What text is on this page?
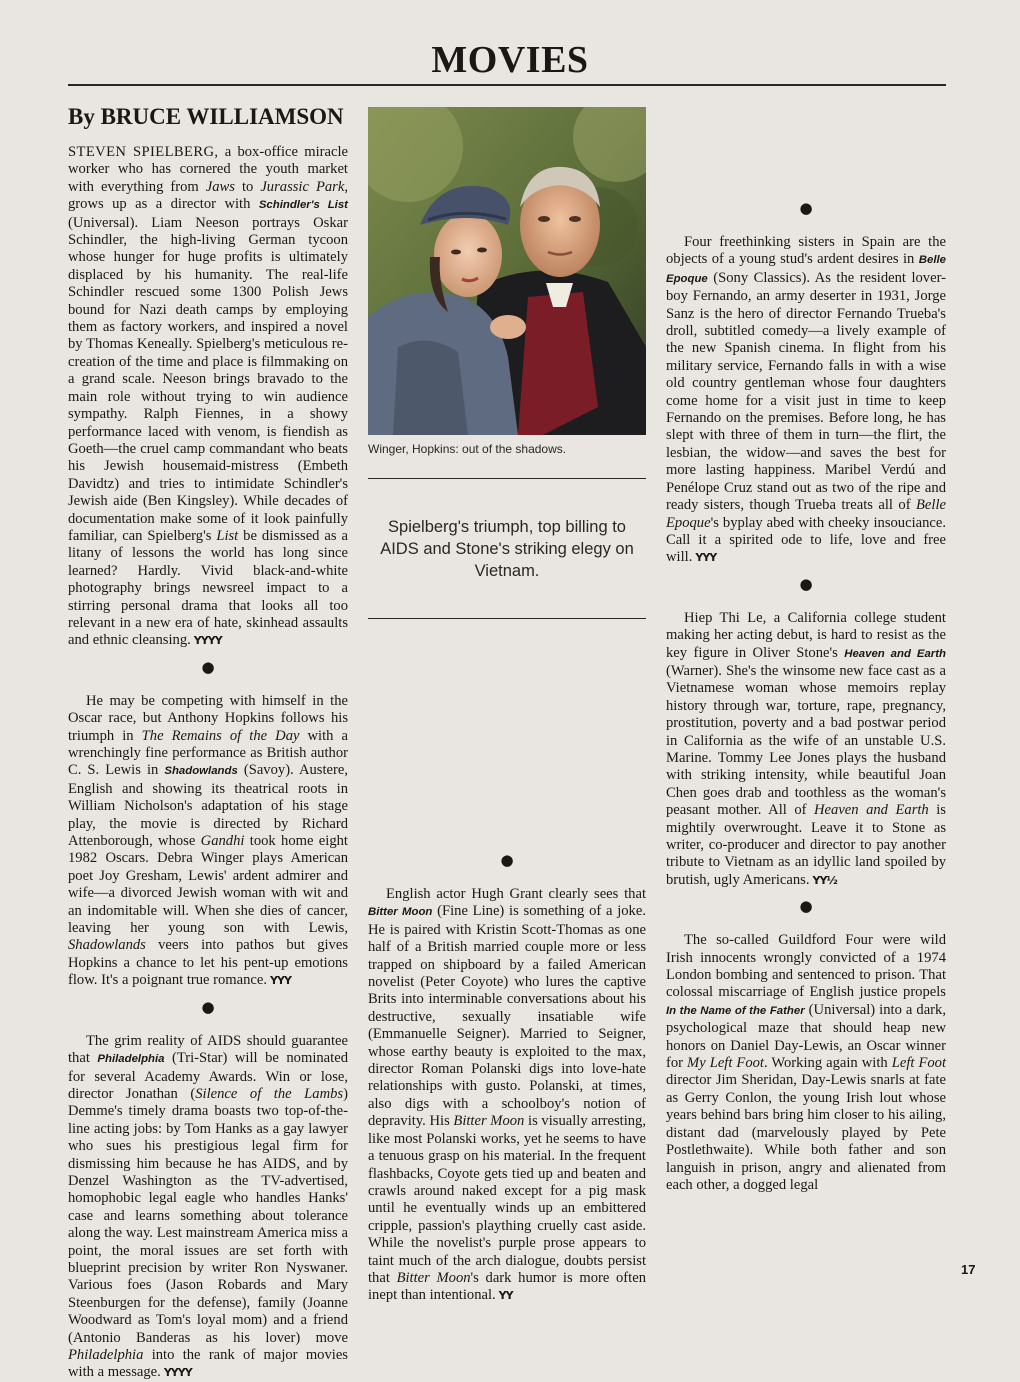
MOVIES
By BRUCE WILLIAMSON

STEVEN SPIELBERG, a box-office miracle worker who has cornered the youth market with everything from Jaws to Jurassic Park, grows up as a director with Schindler's List (Universal). Liam Neeson portrays Oskar Schindler, the high-living German tycoon whose hunger for huge profits is ultimately displaced by his humanity. The real-life Schindler rescued some 1300 Polish Jews bound for Nazi death camps by employing them as factory workers, and inspired a novel by Thomas Keneally. Spielberg's meticulous re-creation of the time and place is filmmaking on a grand scale. Neeson brings bravado to the main role without trying to win audience sympathy. Ralph Fiennes, in a showy performance laced with venom, is fiendish as Goeth—the cruel camp commandant who beats his Jewish housemaid-mistress (Embeth Davidtz) and tries to intimidate Schindler's Jewish aide (Ben Kingsley). While decades of documentation make some of it look painfully familiar, can Spielberg's List be dismissed as a litany of lessons the world has long since learned? Hardly. Vivid black-and-white photography brings newsreel impact to a stirring personal drama that looks all too relevant in a new era of hate, skinhead assaults and ethnic cleansing. YYYY

●

He may be competing with himself in the Oscar race, but Anthony Hopkins follows his triumph in The Remains of the Day with a wrenchingly fine performance as British author C. S. Lewis in Shadowlands (Savoy). Austere, English and showing its theatrical roots in William Nicholson's adaptation of his stage play, the movie is directed by Richard Attenborough, whose Gandhi took home eight 1982 Oscars. Debra Winger plays American poet Joy Gresham, Lewis' ardent admirer and wife—a divorced Jewish woman with wit and an indomitable will. When she dies of cancer, leaving her young son with Lewis, Shadowlands veers into pathos but gives Hopkins a chance to let his pent-up emotions flow. It's a poignant true romance. YYY

●

The grim reality of AIDS should guarantee that Philadelphia (Tri-Star) will be nominated for several Academy Awards. Win or lose, director Jonathan (Silence of the Lambs) Demme's timely drama boasts two top-of-the-line acting jobs: by Tom Hanks as a gay lawyer who sues his prestigious legal firm for dismissing him because he has AIDS, and by Denzel Washington as the TV-advertised, homophobic legal eagle who handles Hanks' case and learns something about tolerance along the way. Lest mainstream America miss a point, the moral issues are set forth with blueprint precision by writer Ron Nyswaner. Various foes (Jason Robards and Mary Steenburgen for the defense), family (Joanne Woodward as Tom's loyal mom) and a friend (Antonio Banderas as his lover) move Philadelphia into the rank of major movies with a message. YYYY

Winger, Hopkins: out of the shadows.
Spielberg's triumph, top billing to AIDS and Stone's striking elegy on Vietnam.
●

English actor Hugh Grant clearly sees that Bitter Moon (Fine Line) is something of a joke. He is paired with Kristin Scott-Thomas as one half of a British married couple more or less trapped on shipboard by a failed American novelist (Peter Coyote) who lures the captive Brits into interminable conversations about his destructive, sexually insatiable wife (Emmanuelle Seigner). Married to Seigner, whose earthy beauty is exploited to the max, director Roman Polanski digs into love-hate relationships with gusto. Polanski, at times, also digs with a schoolboy's notion of depravity. His Bitter Moon is visually arresting, like most Polanski works, yet he seems to have a tenuous grasp on his material. In the frequent flashbacks, Coyote gets tied up and beaten and crawls around naked except for a pig mask until he eventually winds up an embittered cripple, passion's plaything cruelly cast aside. While the novelist's purple prose appears to taint much of the arch dialogue, doubts persist that Bitter Moon's dark humor is more often inept than intentional. YY

●

Four freethinking sisters in Spain are the objects of a young stud's ardent desires in Belle Epoque (Sony Classics). As the resident lover-boy Fernando, an army deserter in 1931, Jorge Sanz is the hero of director Fernando Trueba's droll, subtitled comedy—a lively example of the new Spanish cinema. In flight from his military service, Fernando falls in with a wise old country gentleman whose four daughters come home for a visit just in time to keep Fernando on the premises. Before long, he has slept with three of them in turn—the flirt, the lesbian, the widow—and saves the best for more lasting happiness. Maribel Verdú and Penélope Cruz stand out as two of the ripe and ready sisters, though Trueba treats all of Belle Epoque's byplay abed with cheeky insouciance. Call it a spirited ode to life, love and free will. YYY

●

Hiep Thi Le, a California college student making her acting debut, is hard to resist as the key figure in Oliver Stone's Heaven and Earth (Warner). She's the winsome new face cast as a Vietnamese woman whose memoirs replay history through war, torture, rape, pregnancy, prostitution, poverty and a bad postwar period in California as the wife of an unstable U.S. Marine. Tommy Lee Jones plays the husband with striking intensity, while beautiful Joan Chen goes drab and toothless as the woman's peasant mother. All of Heaven and Earth is mightily overwrought. Leave it to Stone as writer, co-producer and director to pay another tribute to Vietnam as an idyllic land spoiled by brutish, ugly Americans. YY½

●

The so-called Guildford Four were wild Irish innocents wrongly convicted of a 1974 London bombing and sentenced to prison. That colossal miscarriage of English justice propels In the Name of the Father (Universal) into a dark, psychological maze that should heap new honors on Daniel Day-Lewis, an Oscar winner for My Left Foot. Working again with Left Foot director Jim Sheridan, Day-Lewis snarls at fate as Gerry Conlon, the young Irish lout whose years behind bars bring him closer to his ailing, distant dad (marvelously played by Pete Postlethwaite). While both father and son languish in prison, angry and alienated from each other, a dogged legal

17
